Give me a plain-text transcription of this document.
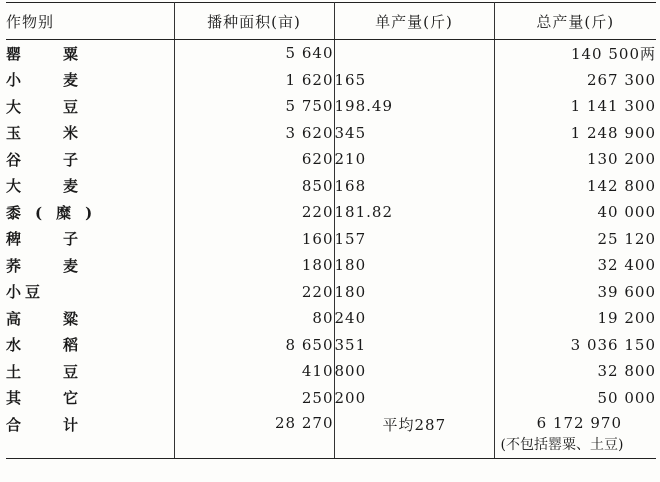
作物别	播种面积(亩)	单产量(斤)	总产量(斤)
罂粟	5 640		140 500两
小麦	1 620	165	267 300
大豆	5 750	198.49	1 141 300
玉米	3 620	345	1 248 900
谷子	620	210	130 200
大麦	850	168	142 800
黍(糜)	220	181.82	40 000
稗子	160	157	25 120
荞麦	180	180	32 400
小豆	220	180	39 600
高粱	80	240	19 200
水稻	8 650	351	3 036 150
土豆	410	800	32 800
其它	250	200	50 000
合计	28 270	平均287	6 172 970
(不包括罂粟、土豆)
